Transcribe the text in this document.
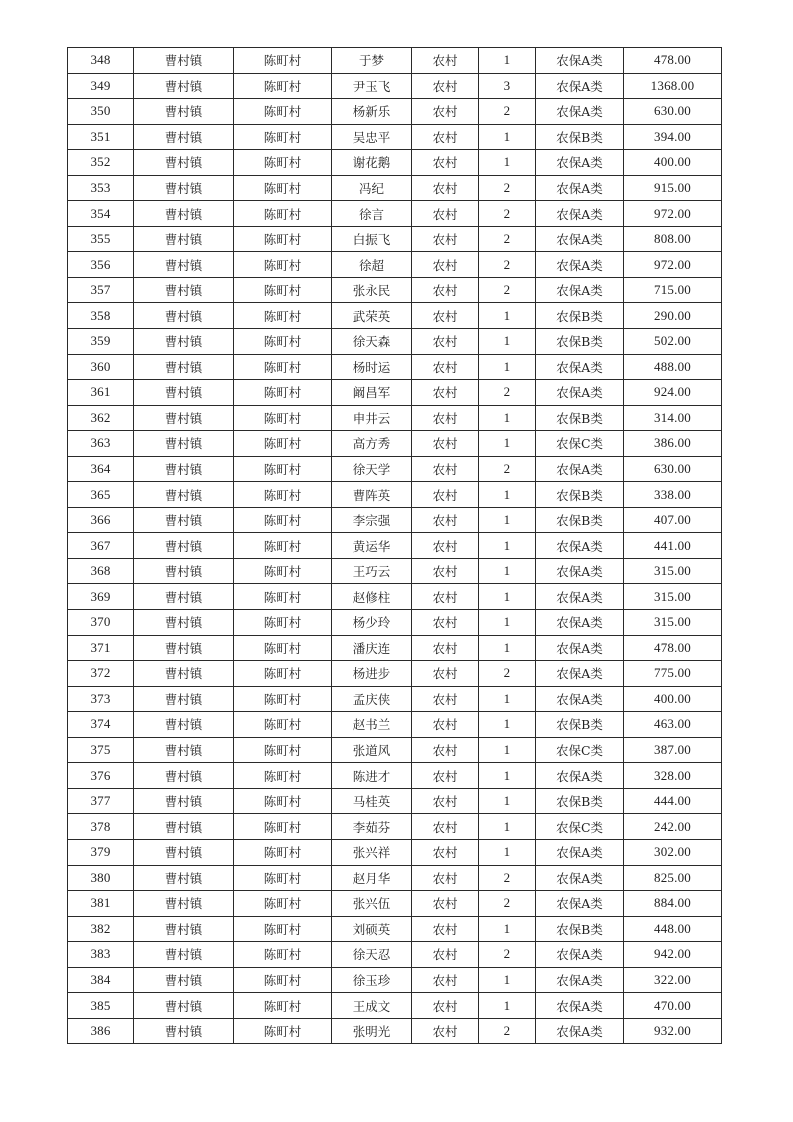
348	曹村镇	陈町村	于梦	农村	1	农保A类	478.00
349	曹村镇	陈町村	尹玉飞	农村	3	农保A类	1368.00
350	曹村镇	陈町村	杨新乐	农村	2	农保A类	630.00
351	曹村镇	陈町村	吴忠平	农村	1	农保B类	394.00
352	曹村镇	陈町村	谢花鹅	农村	1	农保A类	400.00
353	曹村镇	陈町村	冯纪	农村	2	农保A类	915.00
354	曹村镇	陈町村	徐言	农村	2	农保A类	972.00
355	曹村镇	陈町村	白振飞	农村	2	农保A类	808.00
356	曹村镇	陈町村	徐超	农村	2	农保A类	972.00
357	曹村镇	陈町村	张永民	农村	2	农保A类	715.00
358	曹村镇	陈町村	武荣英	农村	1	农保B类	290.00
359	曹村镇	陈町村	徐天森	农村	1	农保B类	502.00
360	曹村镇	陈町村	杨时运	农村	1	农保A类	488.00
361	曹村镇	陈町村	阚昌军	农村	2	农保A类	924.00
362	曹村镇	陈町村	申井云	农村	1	农保B类	314.00
363	曹村镇	陈町村	高方秀	农村	1	农保C类	386.00
364	曹村镇	陈町村	徐天学	农村	2	农保A类	630.00
365	曹村镇	陈町村	曹阵英	农村	1	农保B类	338.00
366	曹村镇	陈町村	李宗强	农村	1	农保B类	407.00
367	曹村镇	陈町村	黄运华	农村	1	农保A类	441.00
368	曹村镇	陈町村	王巧云	农村	1	农保A类	315.00
369	曹村镇	陈町村	赵修柱	农村	1	农保A类	315.00
370	曹村镇	陈町村	杨少玲	农村	1	农保A类	315.00
371	曹村镇	陈町村	潘庆连	农村	1	农保A类	478.00
372	曹村镇	陈町村	杨进步	农村	2	农保A类	775.00
373	曹村镇	陈町村	孟庆侠	农村	1	农保A类	400.00
374	曹村镇	陈町村	赵书兰	农村	1	农保B类	463.00
375	曹村镇	陈町村	张道风	农村	1	农保C类	387.00
376	曹村镇	陈町村	陈进才	农村	1	农保A类	328.00
377	曹村镇	陈町村	马桂英	农村	1	农保B类	444.00
378	曹村镇	陈町村	李茹芬	农村	1	农保C类	242.00
379	曹村镇	陈町村	张兴祥	农村	1	农保A类	302.00
380	曹村镇	陈町村	赵月华	农村	2	农保A类	825.00
381	曹村镇	陈町村	张兴伍	农村	2	农保A类	884.00
382	曹村镇	陈町村	刘硕英	农村	1	农保B类	448.00
383	曹村镇	陈町村	徐天忍	农村	2	农保A类	942.00
384	曹村镇	陈町村	徐玉珍	农村	1	农保A类	322.00
385	曹村镇	陈町村	王成文	农村	1	农保A类	470.00
386	曹村镇	陈町村	张明光	农村	2	农保A类	932.00
